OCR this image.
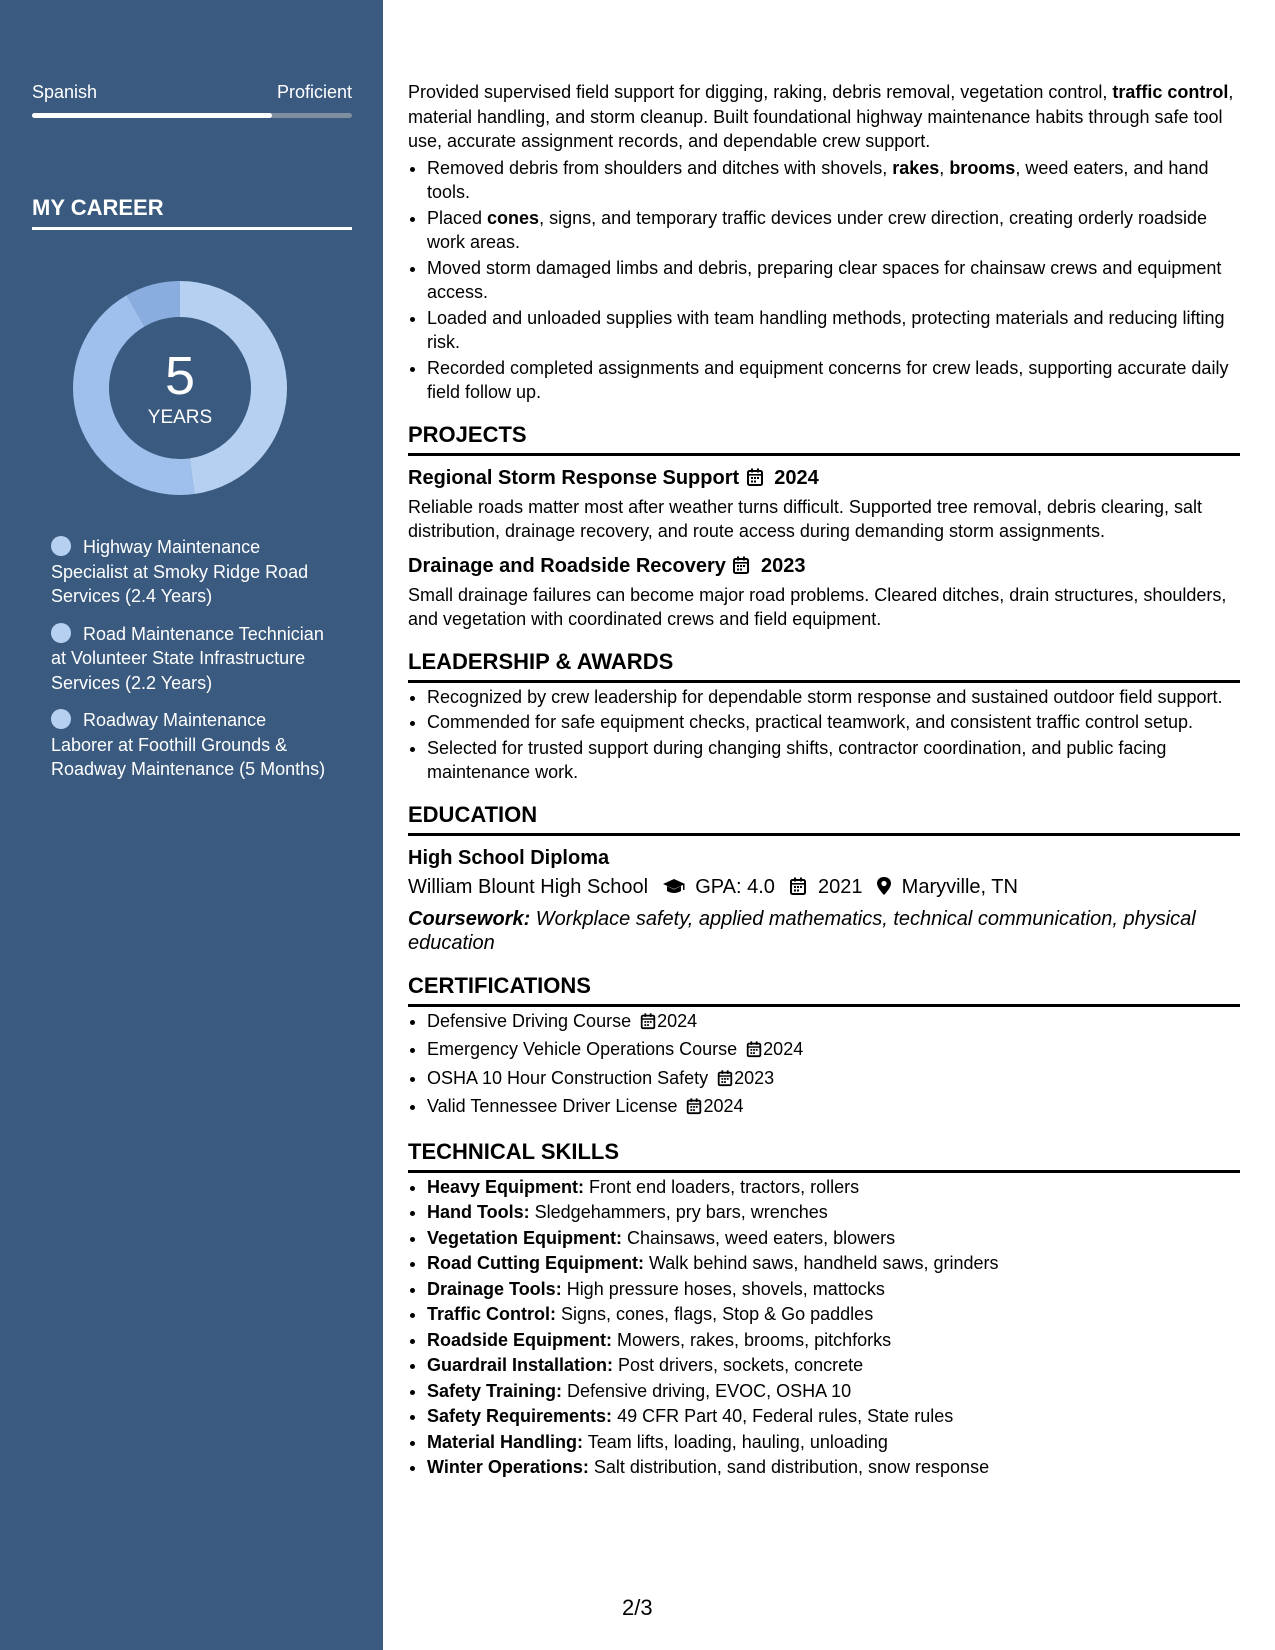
Spanish	Proficient
MY CAREER
5
YEARS
Highway Maintenance Specialist at Smoky Ridge Road Services (2.4 Years)
Road Maintenance Technician at Volunteer State Infrastructure Services (2.2 Years)
Roadway Maintenance Laborer at Foothill Grounds & Roadway Maintenance (5 Months)

Provided supervised field support for digging, raking, debris removal, vegetation control, traffic control, material handling, and storm cleanup. Built foundational highway maintenance habits through safe tool use, accurate assignment records, and dependable crew support.

• Removed debris from shoulders and ditches with shovels, rakes, brooms, weed eaters, and hand tools.
• Placed cones, signs, and temporary traffic devices under crew direction, creating orderly roadside work areas.
• Moved storm damaged limbs and debris, preparing clear spaces for chainsaw crews and equipment access.
• Loaded and unloaded supplies with team handling methods, protecting materials and reducing lifting risk.
• Recorded completed assignments and equipment concerns for crew leads, supporting accurate daily field follow up.
PROJECTS
Regional Storm Response Support 2024

Reliable roads matter most after weather turns difficult. Supported tree removal, debris clearing, salt distribution, drainage recovery, and route access during demanding storm assignments.

Drainage and Roadside Recovery 2023

Small drainage failures can become major road problems. Cleared ditches, drain structures, shoulders, and vegetation with coordinated crews and field equipment.

LEADERSHIP & AWARDS
• Recognized by crew leadership for dependable storm response and sustained outdoor field support.
• Commended for safe equipment checks, practical teamwork, and consistent traffic control setup.
• Selected for trusted support during changing shifts, contractor coordination, and public facing maintenance work.
EDUCATION
High School Diploma
William Blount High School GPA: 4.0 2021 Maryville, TN
Coursework: Workplace safety, applied mathematics, technical communication, physical education
CERTIFICATIONS
• Defensive Driving Course 2024
• Emergency Vehicle Operations Course 2024
• OSHA 10 Hour Construction Safety 2023
• Valid Tennessee Driver License 2024
TECHNICAL SKILLS
• Heavy Equipment: Front end loaders, tractors, rollers
• Hand Tools: Sledgehammers, pry bars, wrenches
• Vegetation Equipment: Chainsaws, weed eaters, blowers
• Road Cutting Equipment: Walk behind saws, handheld saws, grinders
• Drainage Tools: High pressure hoses, shovels, mattocks
• Traffic Control: Signs, cones, flags, Stop & Go paddles
• Roadside Equipment: Mowers, rakes, brooms, pitchforks
• Guardrail Installation: Post drivers, sockets, concrete
• Safety Training: Defensive driving, EVOC, OSHA 10
• Safety Requirements: 49 CFR Part 40, Federal rules, State rules
• Material Handling: Team lifts, loading, hauling, unloading
• Winter Operations: Salt distribution, sand distribution, snow response
2/3
